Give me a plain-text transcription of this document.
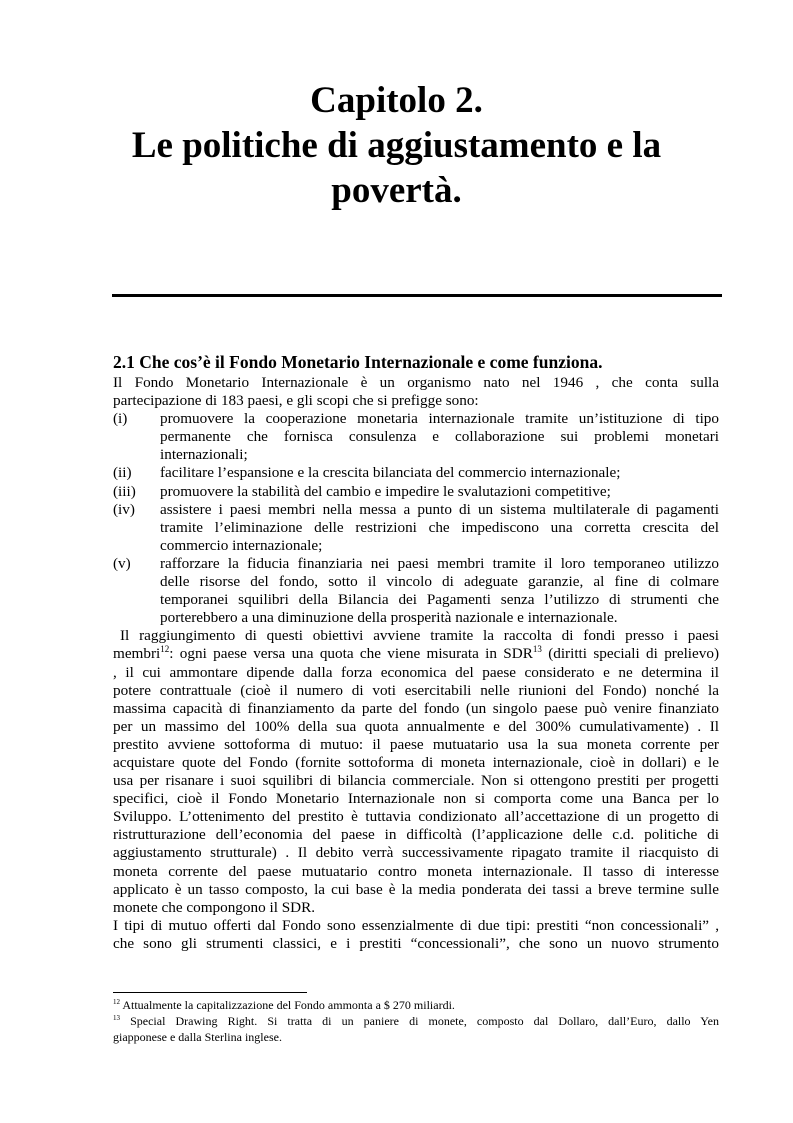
Capitolo 2.
Le politiche di aggiustamento e la
povertà.
2.1 Che cos’è il Fondo Monetario Internazionale e come funziona.
Il Fondo Monetario Internazionale è un organismo nato nel 1946 , che conta sulla
partecipazione di 183 paesi, e gli scopi che si prefigge sono:
(i)	promuovere la cooperazione monetaria internazionale tramite un’istituzione di tipo
permanente che fornisca consulenza e collaborazione sui problemi monetari
internazionali;
(ii)	facilitare l’espansione e la crescita bilanciata del commercio internazionale;
(iii)	promuovere la stabilità del cambio e impedire le svalutazioni competitive;
(iv)	assistere i paesi membri nella messa a punto di un sistema multilaterale di pagamenti
tramite l’eliminazione delle restrizioni che impediscono una corretta crescita del
commercio internazionale;
(v)	rafforzare la fiducia finanziaria nei paesi membri tramite il loro temporaneo utilizzo
delle risorse del fondo, sotto il vincolo di adeguate garanzie, al fine di colmare
temporanei squilibri della Bilancia dei Pagamenti senza l’utilizzo di strumenti che
porterebbero a una diminuzione della prosperità nazionale e internazionale.
Il raggiungimento di questi obiettivi avviene tramite la raccolta di fondi presso i paesi
membri$^{12}$: ogni paese versa una quota che viene misurata in SDR$^{13}$ (diritti speciali di prelievo)
, il cui ammontare dipende dalla forza economica del paese considerato e ne determina il
potere contrattuale (cioè il numero di voti esercitabili nelle riunioni del Fondo) nonché la
massima capacità di finanziamento da parte del fondo (un singolo paese può venire finanziato
per un massimo del 100% della sua quota annualmente e del 300% cumulativamente) . Il
prestito avviene sottoforma di mutuo: il paese mutuatario usa la sua moneta corrente per
acquistare quote del Fondo (fornite sottoforma di moneta internazionale, cioè in dollari) e le
usa per risanare i suoi squilibri di bilancia commerciale. Non si ottengono prestiti per progetti
specifici, cioè il Fondo Monetario Internazionale non si comporta come una Banca per lo
Sviluppo. L’ottenimento del prestito è tuttavia condizionato all’accettazione di un progetto di
ristrutturazione dell’economia del paese in difficoltà (l’applicazione delle c.d. politiche di
aggiustamento strutturale) . Il debito verrà successivamente ripagato tramite il riacquisto di
moneta corrente del paese mutuatario contro moneta internazionale. Il tasso di interesse
applicato è un tasso composto, la cui base è la media ponderata dei tassi a breve termine sulle
monete che compongono il SDR.
I tipi di mutuo offerti dal Fondo sono essenzialmente di due tipi: prestiti “non concessionali” ,
che sono gli strumenti classici, e i prestiti “concessionali”, che sono un nuovo strumento
$^{12}$ Attualmente la capitalizzazione del Fondo ammonta a $ 270 miliardi.
$^{13}$ Special Drawing Right. Si tratta di un paniere di monete, composto dal Dollaro, dall’Euro, dallo Yen
giapponese e dalla Sterlina inglese.
